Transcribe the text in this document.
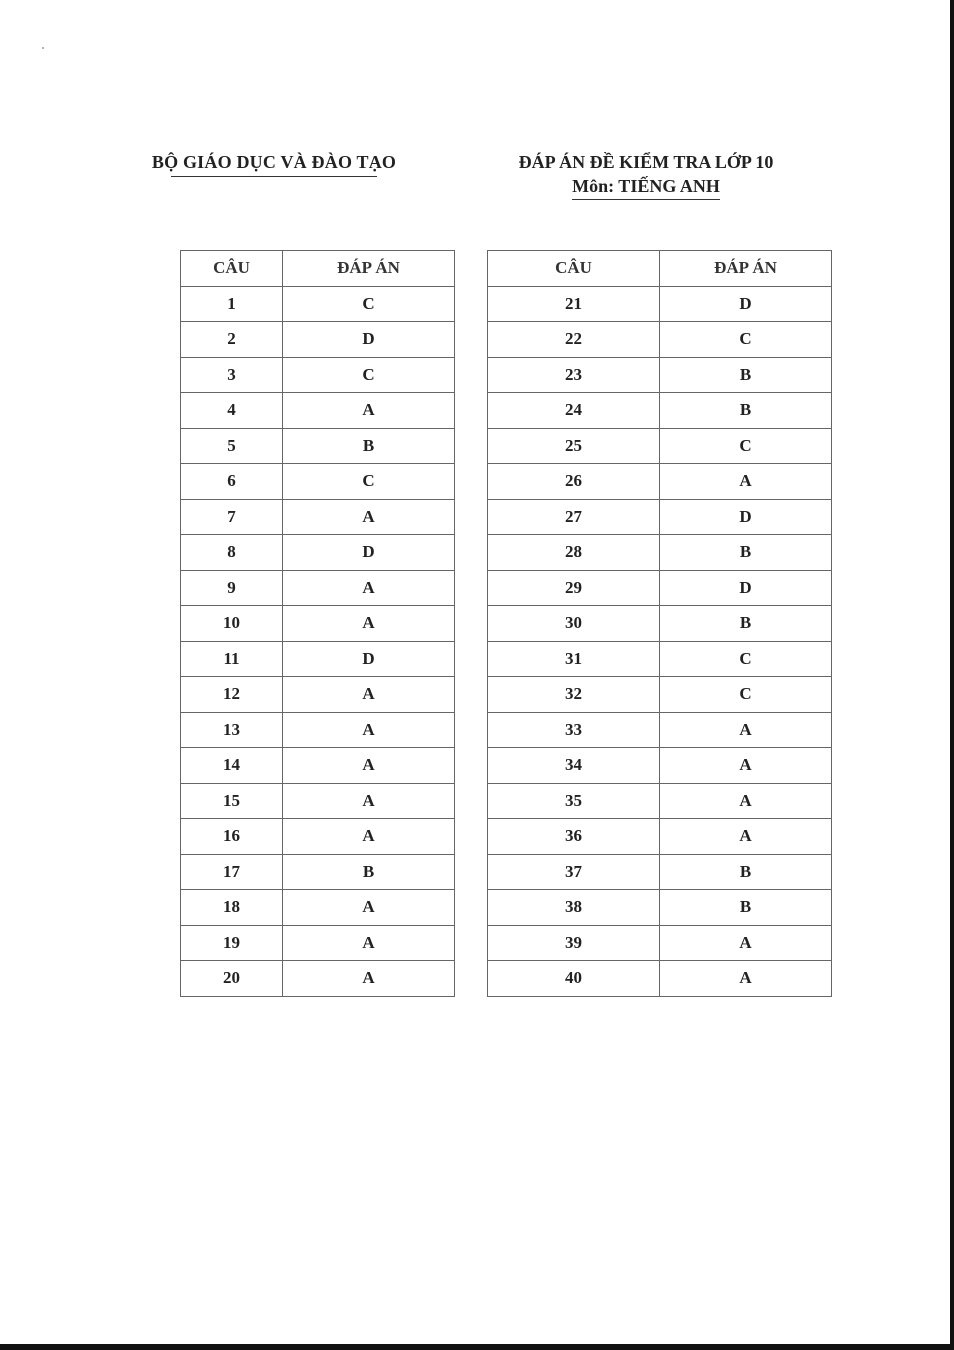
BỘ GIÁO DỤC VÀ ĐÀO TẠO	ĐÁP ÁN ĐỀ KIỂM TRA LỚP 10
Môn: TIẾNG ANH
CÂU	ĐÁP ÁN
1	C
2	D
3	C
4	A
5	B
6	C
7	A
8	D
9	A
10	A
11	D
12	A
13	A
14	A
15	A
16	A
17	B
18	A
19	A
20	A
CÂU	ĐÁP ÁN
21	D
22	C
23	B
24	B
25	C
26	A
27	D
28	B
29	D
30	B
31	C
32	C
33	A
34	A
35	A
36	A
37	B
38	B
39	A
40	A
